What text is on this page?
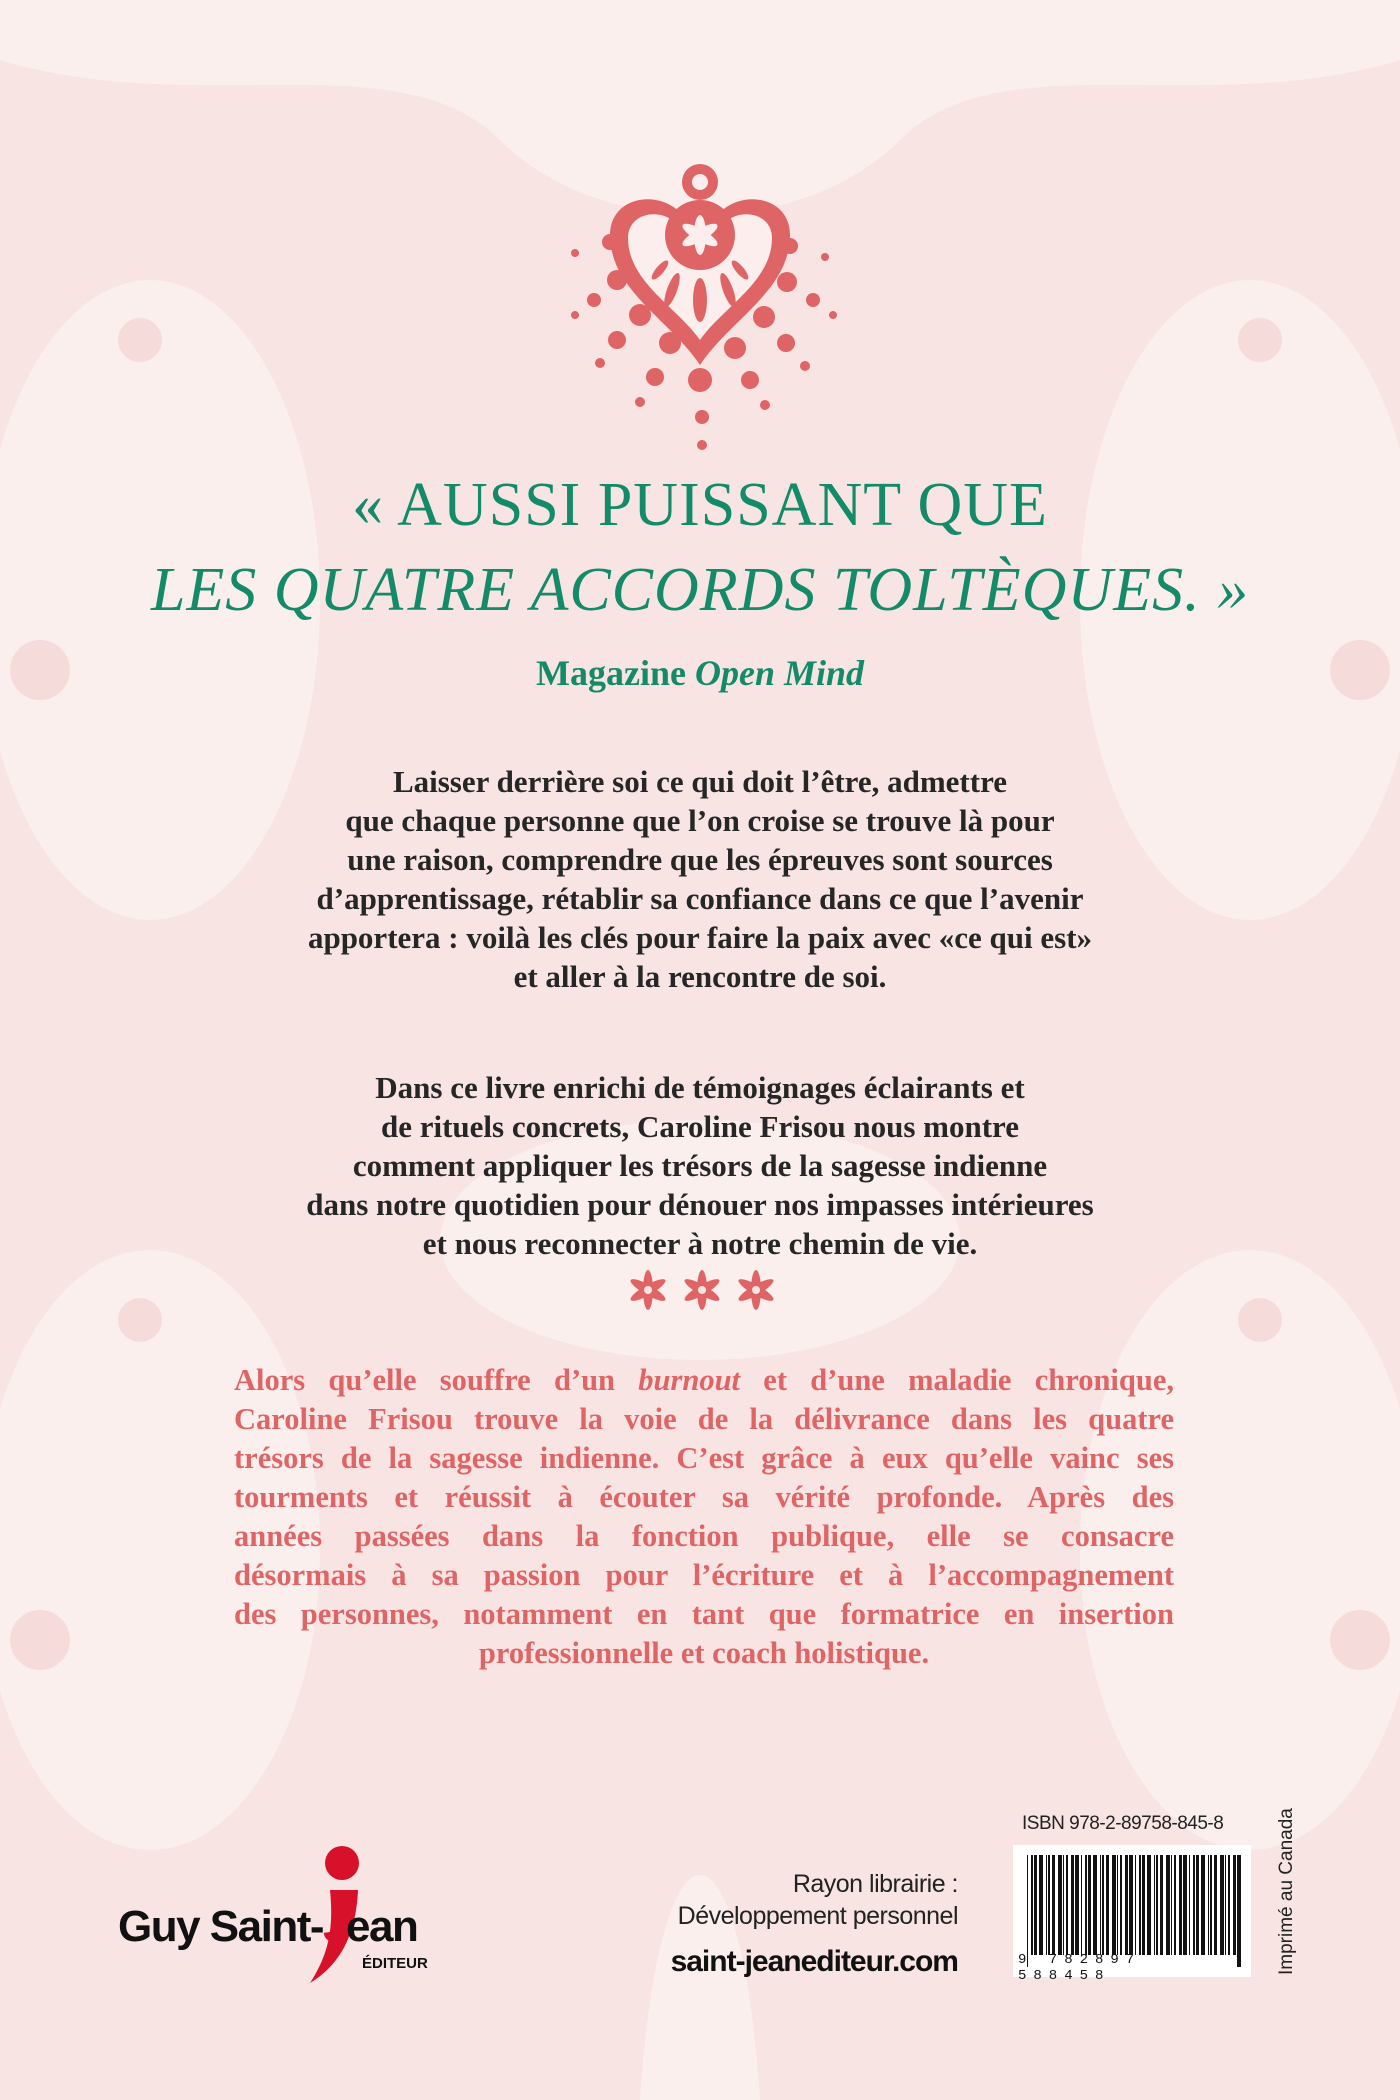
« AUSSI PUISSANT QUE
LES QUATRE ACCORDS TOLTÈQUES. »
Magazine Open Mind
Laisser derrière soi ce qui doit l’être, admettre
que chaque personne que l’on croise se trouve là pour
une raison, comprendre que les épreuves sont sources
d’apprentissage, rétablir sa confiance dans ce que l’avenir
apportera : voilà les clés pour faire la paix avec «ce qui est»
et aller à la rencontre de soi.
Dans ce livre enrichi de témoignages éclairants et
de rituels concrets, Caroline Frisou nous montre
comment appliquer les trésors de la sagesse indienne
dans notre quotidien pour dénouer nos impasses intérieures
et nous reconnecter à notre chemin de vie.
Alors qu’elle souffre d’un burnout et d’une maladie chronique,
Caroline Frisou trouve la voie de la délivrance dans les quatre
trésors de la sagesse indienne. C’est grâce à eux qu’elle vainc ses
tourments et réussit à écouter sa vérité profonde. Après des
années passées dans la fonction publique, elle se consacre
désormais à sa passion pour l’écriture et à l’accompagnement
des personnes, notamment en tant que formatrice en insertion
professionnelle et coach holistique.
Guy Saint-Jean
ÉDITEUR
Rayon librairie :
Développement personnel
saint-jeanediteur.com
ISBN 978-2-89758-845-8
9 782897 588458
Imprimé au Canada
